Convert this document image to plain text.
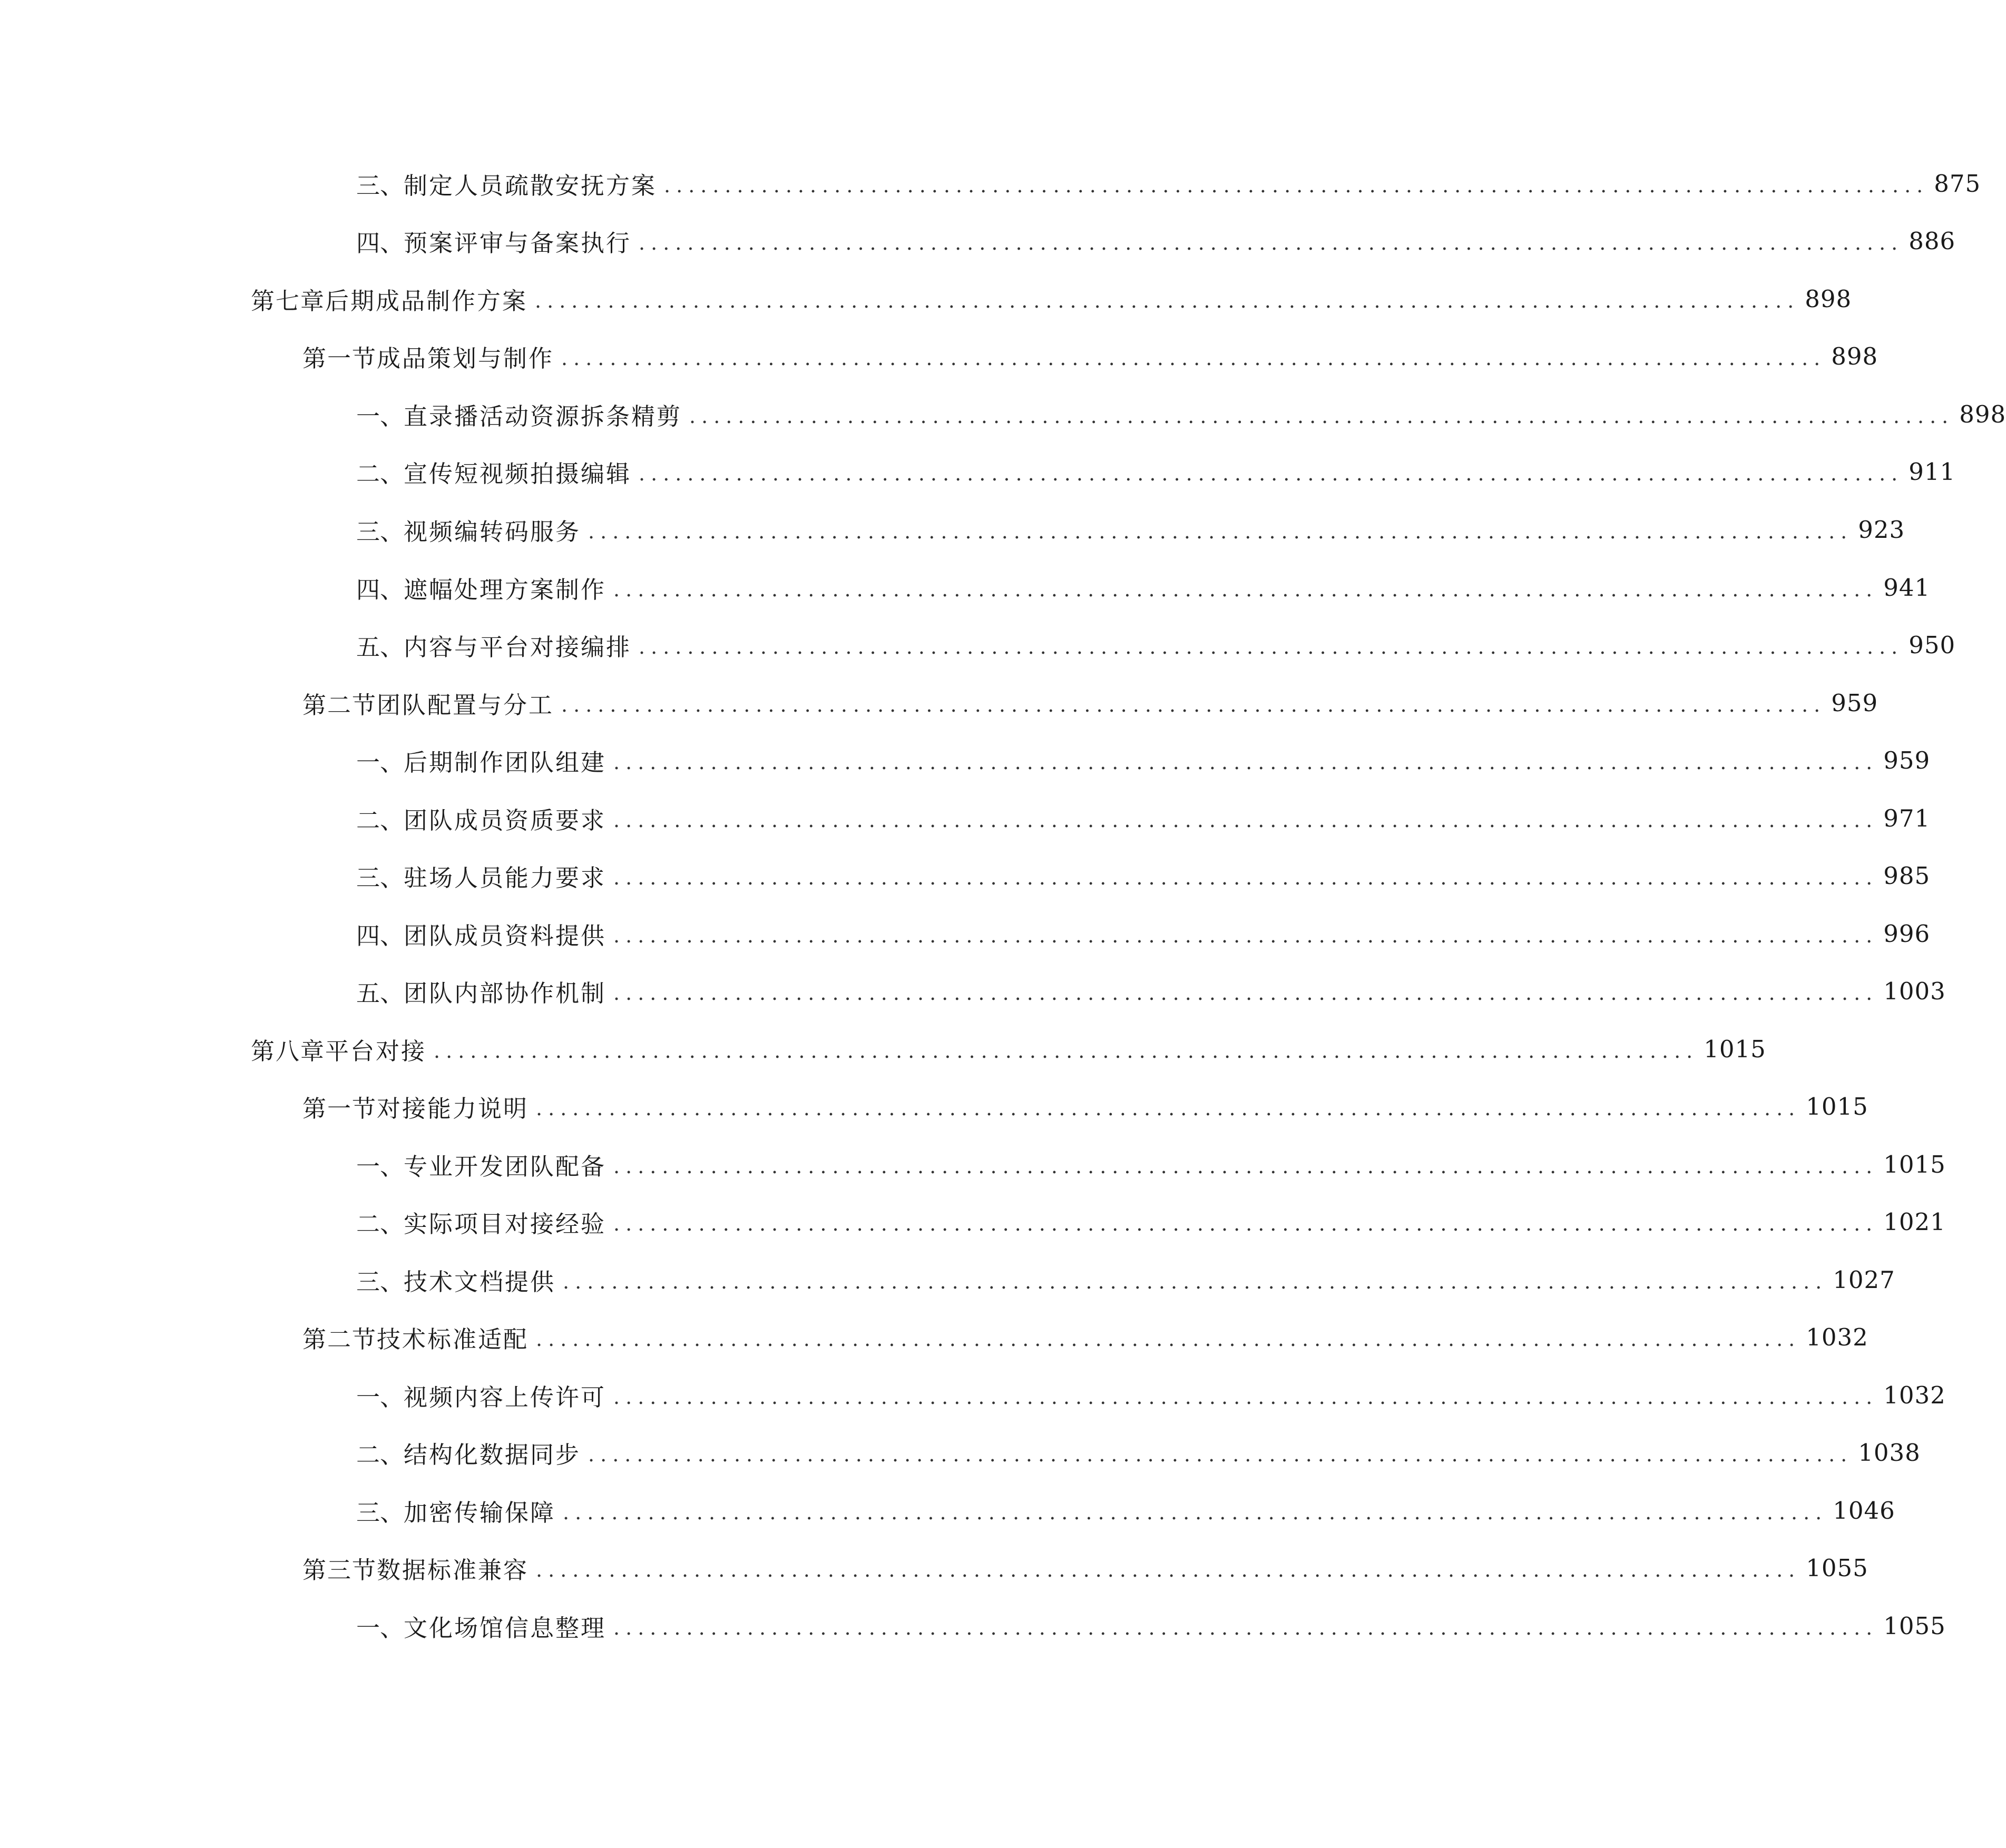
三、 制定人员疏散安抚方案 ........................................................................................................ 875
四、 预案评审与备案执行 ........................................................................................................ 886
第七章 后期成品制作方案 ........................................................................................................ 898
第一节 成品策划与制作 ........................................................................................................ 898
一、 直录播活动资源拆条精剪 ........................................................................................................ 898
二、 宣传短视频拍摄编辑 ........................................................................................................ 911
三、 视频编转码服务 ........................................................................................................ 923
四、 遮幅处理方案制作 ........................................................................................................ 941
五、 内容与平台对接编排 ........................................................................................................ 950
第二节 团队配置与分工 ........................................................................................................ 959
一、 后期制作团队组建 ........................................................................................................ 959
二、 团队成员资质要求 ........................................................................................................ 971
三、 驻场人员能力要求 ........................................................................................................ 985
四、 团队成员资料提供 ........................................................................................................ 996
五、 团队内部协作机制 ........................................................................................................ 1003
第八章 平台对接 ........................................................................................................ 1015
第一节 对接能力说明 ........................................................................................................ 1015
一、 专业开发团队配备 ........................................................................................................ 1015
二、 实际项目对接经验 ........................................................................................................ 1021
三、 技术文档提供 ........................................................................................................ 1027
第二节 技术标准适配 ........................................................................................................ 1032
一、 视频内容上传许可 ........................................................................................................ 1032
二、 结构化数据同步 ........................................................................................................ 1038
三、 加密传输保障 ........................................................................................................ 1046
第三节 数据标准兼容 ........................................................................................................ 1055
一、 文化场馆信息整理 ........................................................................................................ 1055
